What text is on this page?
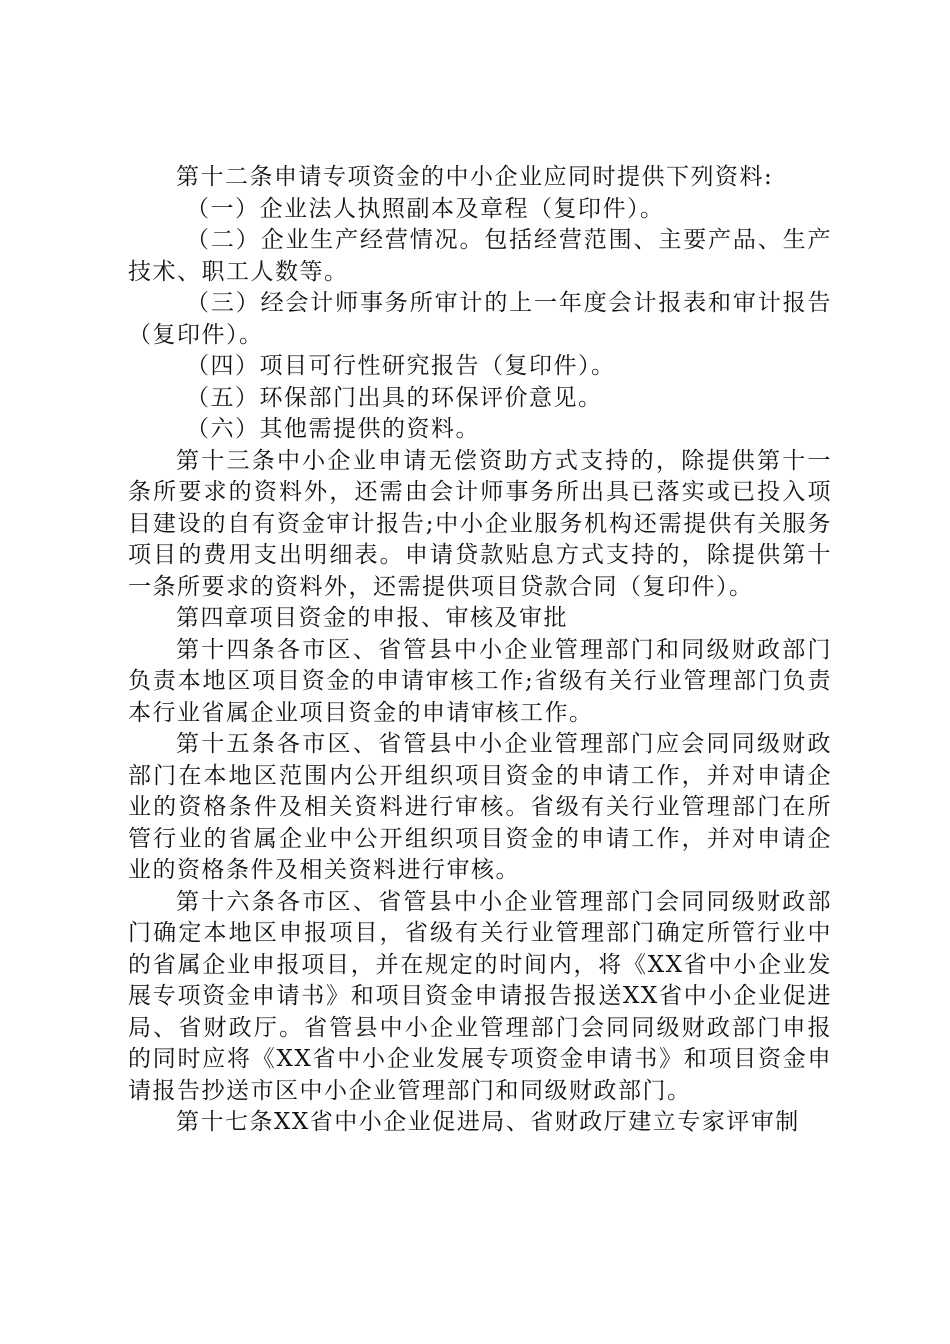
第十二条申请专项资金的中小企业应同时提供下列资料:

（一）企业法人执照副本及章程（复印件）。

（二）企业生产经营情况。包括经营范围、主要产品、生产技术、职工人数等。

（三）经会计师事务所审计的上一年度会计报表和审计报告（复印件）。

（四）项目可行性研究报告（复印件）。

（五）环保部门出具的环保评价意见。

（六）其他需提供的资料。

第十三条中小企业申请无偿资助方式支持的，除提供第十一条所要求的资料外，还需由会计师事务所出具已落实或已投入项目建设的自有资金审计报告;中小企业服务机构还需提供有关服务项目的费用支出明细表。申请贷款贴息方式支持的，除提供第十一条所要求的资料外，还需提供项目贷款合同（复印件）。

第四章项目资金的申报、审核及审批

第十四条各市区、省管县中小企业管理部门和同级财政部门负责本地区项目资金的申请审核工作;省级有关行业管理部门负责本行业省属企业项目资金的申请审核工作。

第十五条各市区、省管县中小企业管理部门应会同同级财政部门在本地区范围内公开组织项目资金的申请工作，并对申请企业的资格条件及相关资料进行审核。省级有关行业管理部门在所管行业的省属企业中公开组织项目资金的申请工作，并对申请企业的资格条件及相关资料进行审核。

第十六条各市区、省管县中小企业管理部门会同同级财政部门确定本地区申报项目，省级有关行业管理部门确定所管行业中的省属企业申报项目，并在规定的时间内，将《XX省中小企业发展专项资金申请书》和项目资金申请报告报送XX省中小企业促进局、省财政厅。省管县中小企业管理部门会同同级财政部门申报的同时应将《XX省中小企业发展专项资金申请书》和项目资金申请报告抄送市区中小企业管理部门和同级财政部门。

第十七条XX省中小企业促进局、省财政厅建立专家评审制
